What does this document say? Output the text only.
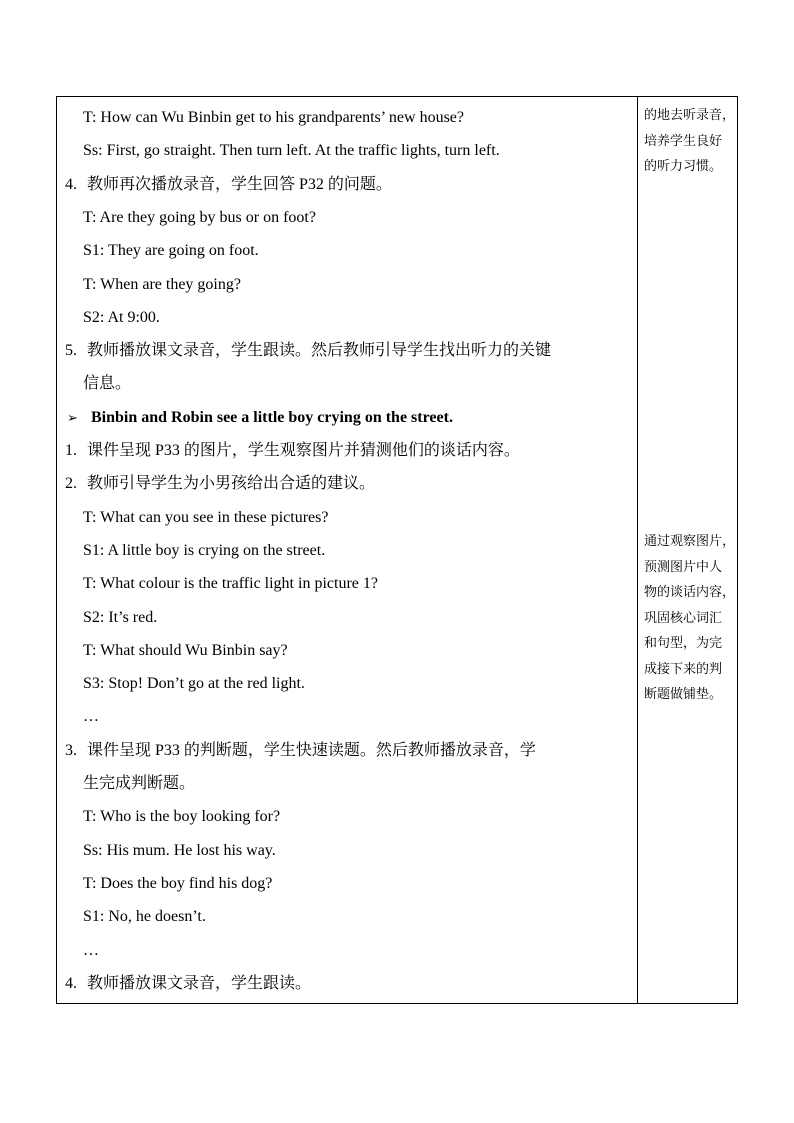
T: How can Wu Binbin get to his grandparents’ new house?
Ss: First, go straight. Then turn left. At the traffic lights, turn left.
4. 教师再次播放录音，学生回答 P32 的问题。
T: Are they going by bus or on foot?
S1: They are going on foot.
T: When are they going?
S2: At 9:00.
5. 教师播放课文录音，学生跟读。然后教师引导学生找出听力的关键
信息。
➢ Binbin and Robin see a little boy crying on the street.
1. 课件呈现 P33 的图片，学生观察图片并猜测他们的谈话内容。
2. 教师引导学生为小男孩给出合适的建议。
T: What can you see in these pictures?
S1: A little boy is crying on the street.
T: What colour is the traffic light in picture 1?
S2: It’s red.
T: What should Wu Binbin say?
S3: Stop! Don’t go at the red light.
…
3. 课件呈现 P33 的判断题，学生快速读题。然后教师播放录音，学
生完成判断题。
T: Who is the boy looking for?
Ss: His mum. He lost his way.
T: Does the boy find his dog?
S1: No, he doesn’t.
…
4. 教师播放课文录音，学生跟读。
的地去听录音，
培养学生良好
的听力习惯。
通过观察图片，
预测图片中人
物的谈话内容，
巩固核心词汇
和句型，为完
成接下来的判
断题做铺垫。
